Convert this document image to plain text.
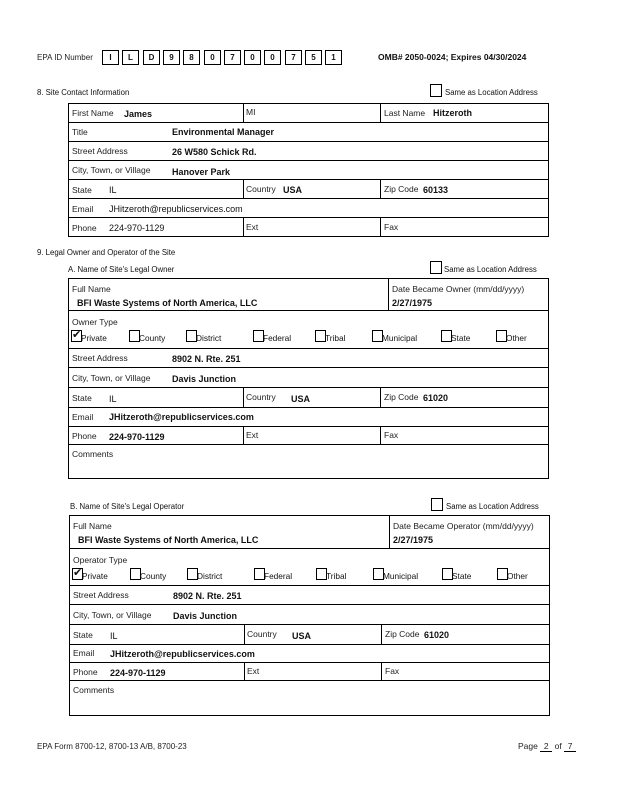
EPA ID Number	I	L	D	9	8	0	7	0	0	7	5	1	OMB# 2050-0024; Expires 04/30/2024
8. Site Contact Information	Same as Location Address
First Name James	MI	Last Name Hitzeroth
Title	Environmental Manager
Street Address	26 W580 Schick Rd.
City, Town, or Village Hanover Park
State IL	Country USA	Zip Code 60133
Email JHitzeroth@republicservices.com
Phone 224-970-1129	Ext	Fax
9. Legal Owner and Operator of the Site
A. Name of Site's Legal Owner	Same as Location Address
Full Name
BFI Waste Systems of North America, LLC
Date Became Owner (mm/dd/yyyy)
2/27/1975
Owner Type
✔ Private	County	District	Federal	Tribal	Municipal	State	Other
Street Address	8902 N. Rte. 251
City, Town, or Village Davis Junction
State IL	Country USA	Zip Code 61020
Email JHitzeroth@republicservices.com
Phone 224-970-1129	Ext	Fax
Comments
B. Name of Site's Legal Operator	Same as Location Address
Full Name
BFI Waste Systems of North America, LLC
Date Became Operator (mm/dd/yyyy)
2/27/1975
Operator Type
✔ Private	County	District	Federal	Tribal	Municipal	State	Other
Street Address	8902 N. Rte. 251
City, Town, or Village Davis Junction
State IL	Country USA	Zip Code 61020
Email JHitzeroth@republicservices.com
Phone 224-970-1129	Ext	Fax
Comments
EPA Form 8700-12, 8700-13 A/B, 8700-23	Page 2 of 7
